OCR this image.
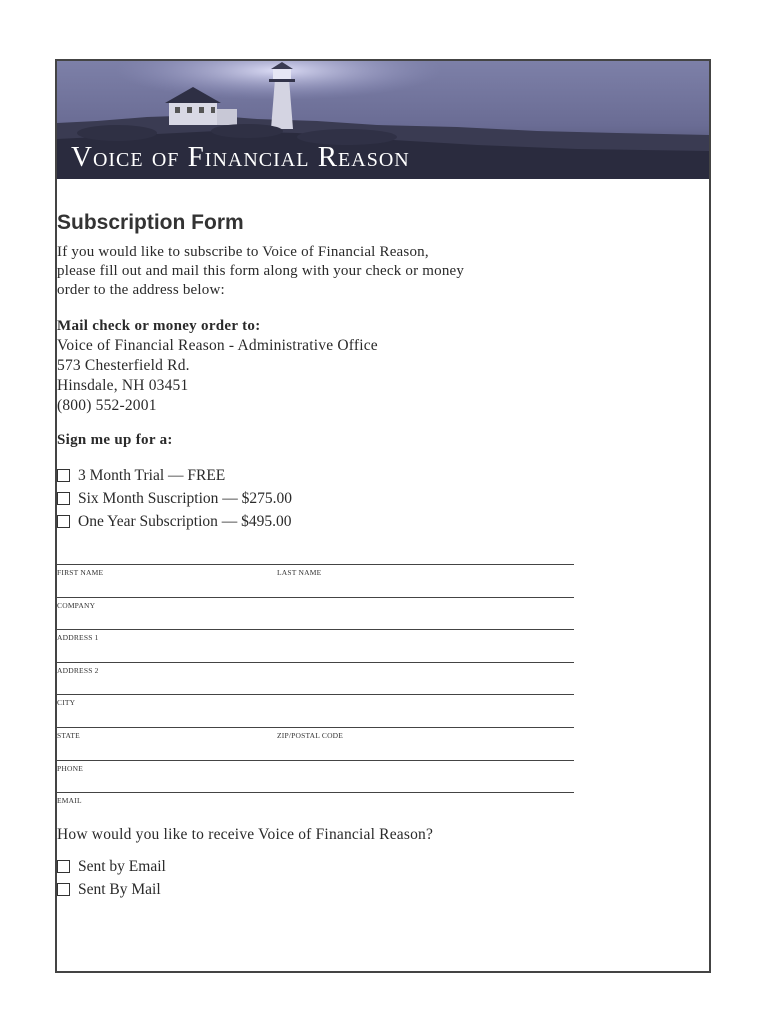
Voice of Financial Reason
Subscription Form
If you would like to subscribe to Voice of Financial Reason,
please fill out and mail this form along with your check or money
order to the address below:
Mail check or money order to:
Voice of Financial Reason - Administrative Office
573 Chesterfield Rd.
Hinsdale, NH 03451
(800) 552-2001
Sign me up for a:
3 Month Trial — FREE
Six Month Suscription — $275.00
One Year Subscription — $495.00
FIRST NAME	LAST NAME
COMPANY
ADDRESS 1
ADDRESS 2
CITY
STATE	ZIP/POSTAL CODE
PHONE
EMAIL
How would you like to receive Voice of Financial Reason?
Sent by Email
Sent By Mail
